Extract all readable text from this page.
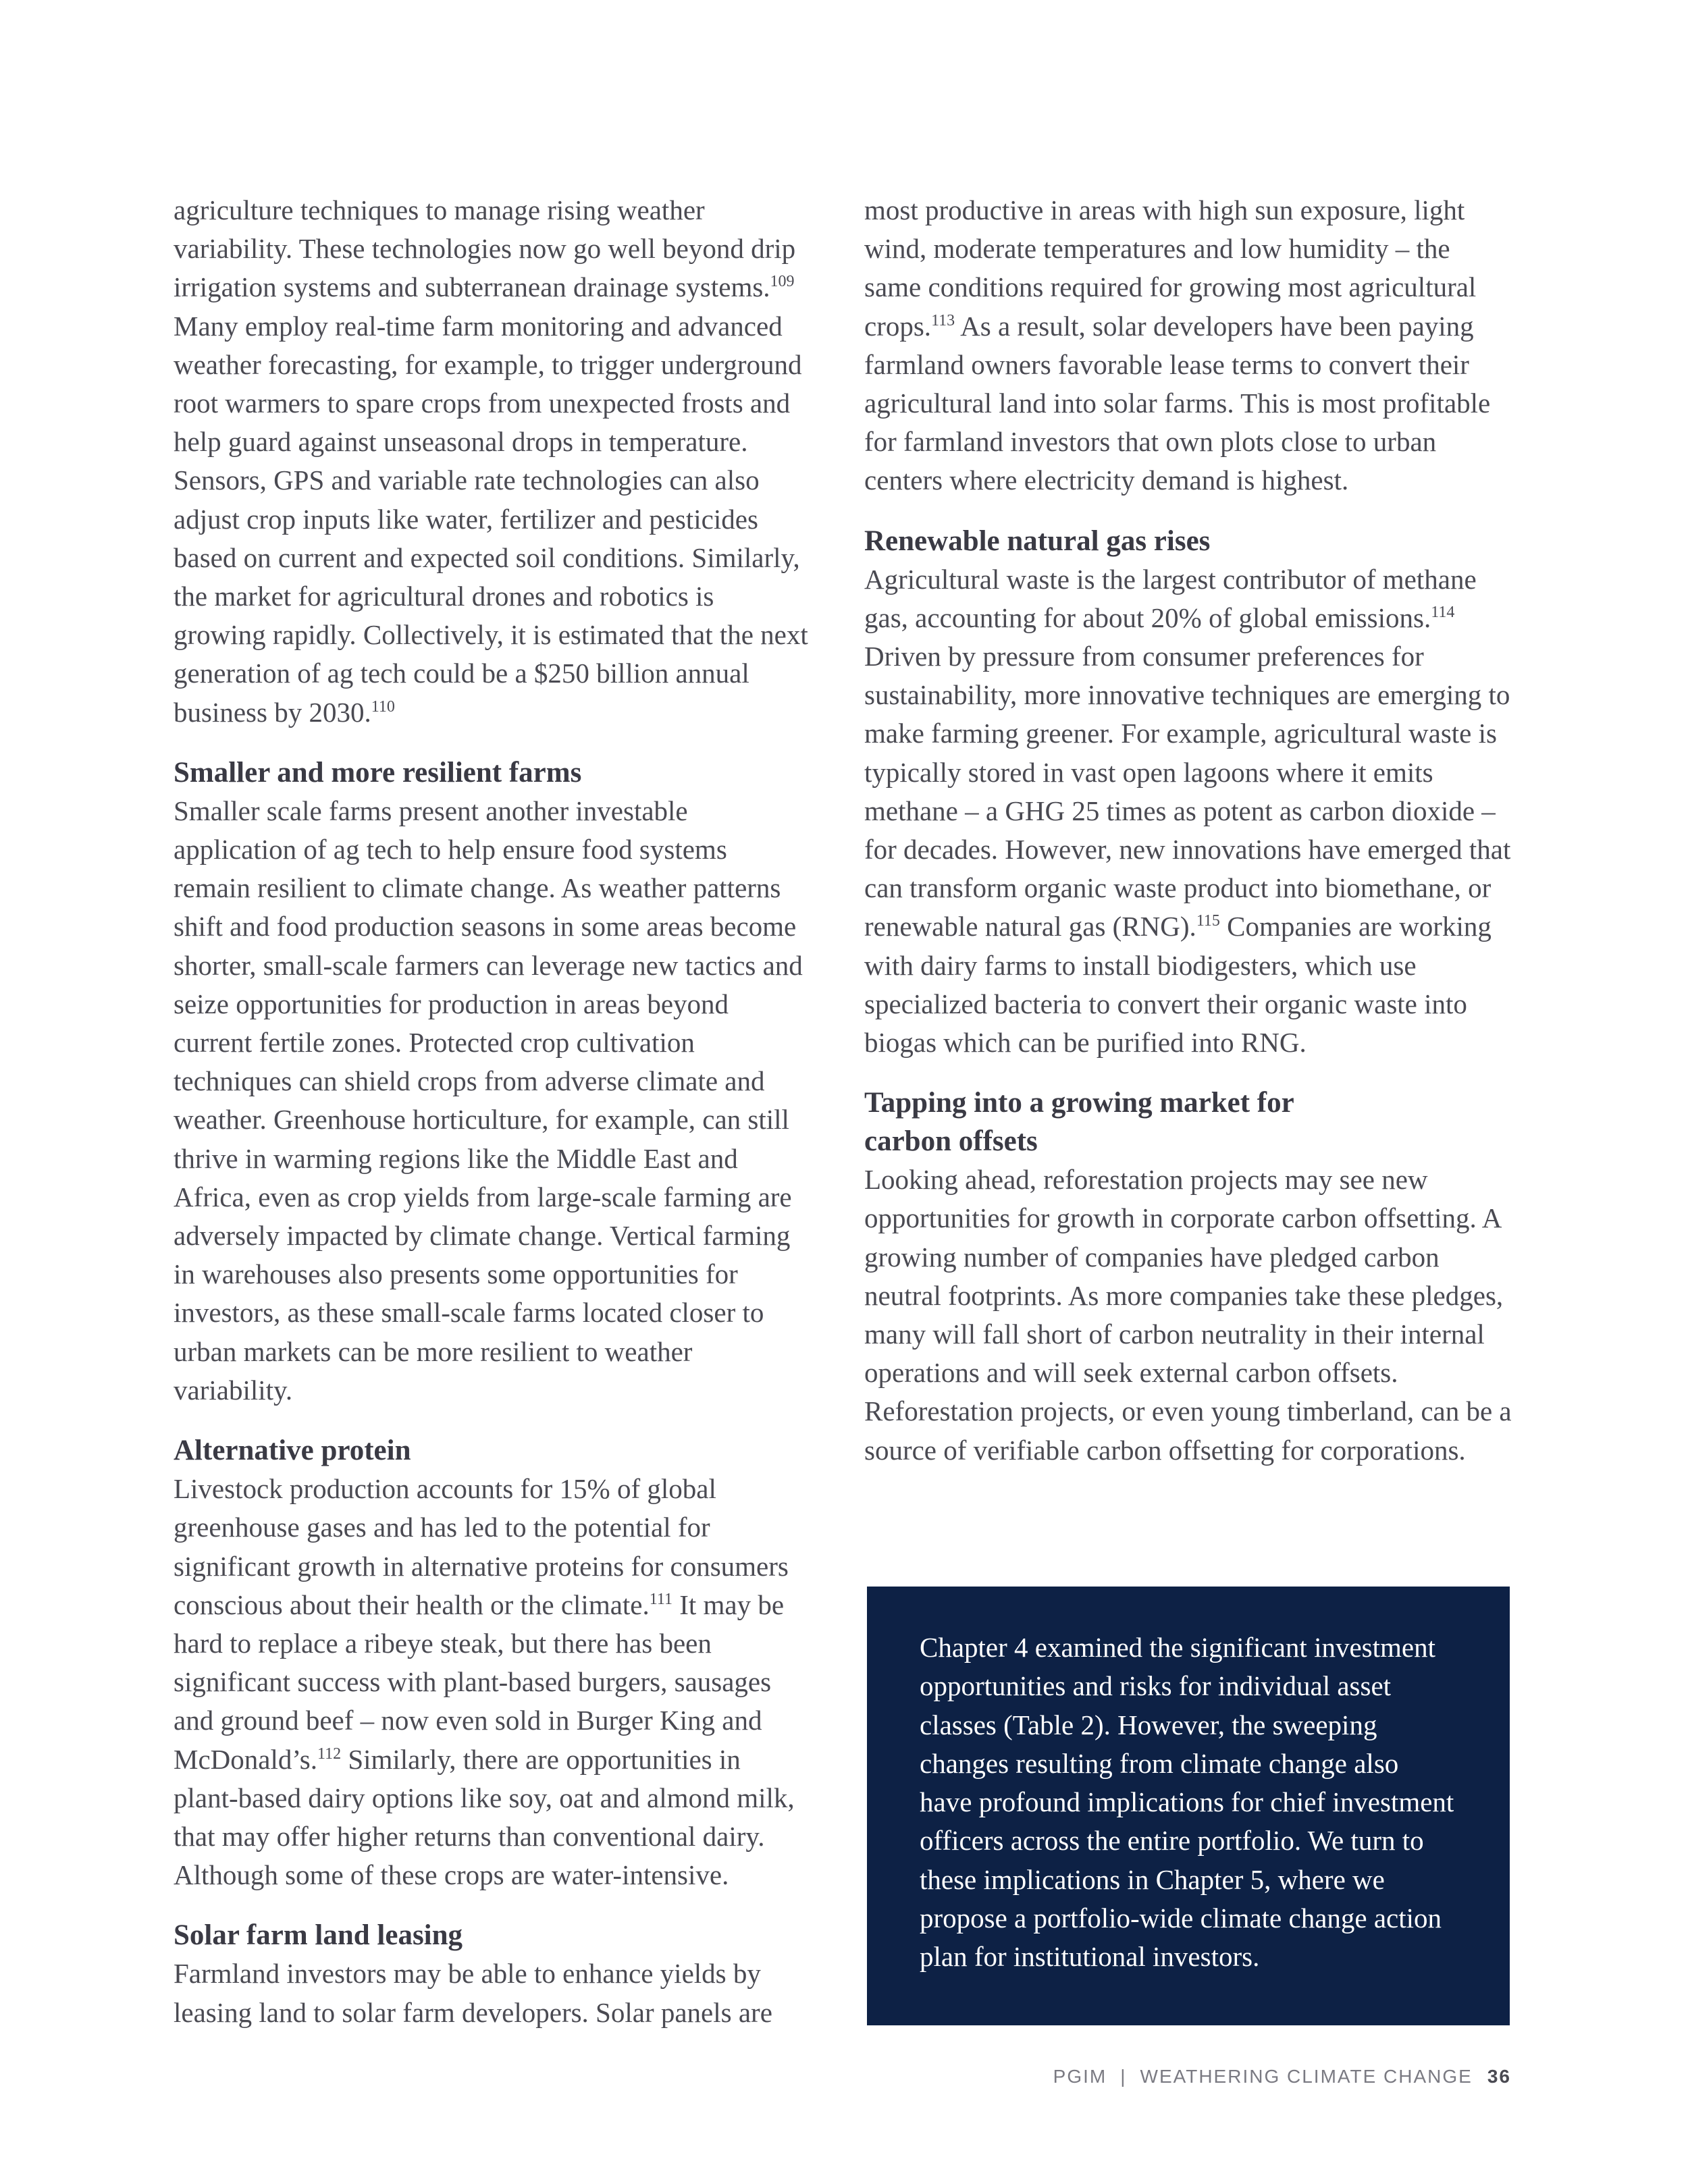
agriculture techniques to manage rising weather variability. These technologies now go well beyond drip irrigation systems and subterranean drainage systems.$^{109}$ Many employ real-time farm monitoring and advanced weather forecasting, for example, to trigger underground root warmers to spare crops from unexpected frosts and help guard against unseasonal drops in temperature. Sensors, GPS and variable rate technologies can also adjust crop inputs like water, fertilizer and pesticides based on current and expected soil conditions. Similarly, the market for agricultural drones and robotics is growing rapidly. Collectively, it is estimated that the next generation of ag tech could be a $250 billion annual business by 2030.$^{110}$

Smaller and more resilient farms

Smaller scale farms present another investable application of ag tech to help ensure food systems remain resilient to climate change. As weather patterns shift and food production seasons in some areas become shorter, small-scale farmers can leverage new tactics and seize opportunities for production in areas beyond current fertile zones. Protected crop cultivation techniques can shield crops from adverse climate and weather. Greenhouse horticulture, for example, can still thrive in warming regions like the Middle East and Africa, even as crop yields from large-scale farming are adversely impacted by climate change. Vertical farming in warehouses also presents some opportunities for investors, as these small-scale farms located closer to urban markets can be more resilient to weather variability.

Alternative protein

Livestock production accounts for 15% of global greenhouse gases and has led to the potential for significant growth in alternative proteins for consumers conscious about their health or the climate.$^{111}$ It may be hard to replace a ribeye steak, but there has been significant success with plant-based burgers, sausages and ground beef – now even sold in Burger King and McDonald’s.$^{112}$ Similarly, there are opportunities in plant-based dairy options like soy, oat and almond milk, that may offer higher returns than conventional dairy. Although some of these crops are water-intensive.

Solar farm land leasing

Farmland investors may be able to enhance yields by leasing land to solar farm developers. Solar panels are

most productive in areas with high sun exposure, light wind, moderate temperatures and low humidity – the same conditions required for growing most agricultural crops.$^{113}$ As a result, solar developers have been paying farmland owners favorable lease terms to convert their agricultural land into solar farms. This is most profitable for farmland investors that own plots close to urban centers where electricity demand is highest.

Renewable natural gas rises

Agricultural waste is the largest contributor of methane gas, accounting for about 20% of global emissions.$^{114}$ Driven by pressure from consumer preferences for sustainability, more innovative techniques are emerging to make farming greener. For example, agricultural waste is typically stored in vast open lagoons where it emits methane – a GHG 25 times as potent as carbon dioxide – for decades. However, new innovations have emerged that can transform organic waste product into biomethane, or renewable natural gas (RNG).$^{115}$ Companies are working with dairy farms to install biodigesters, which use specialized bacteria to convert their organic waste into biogas which can be purified into RNG.

Tapping into a growing market for carbon offsets

Looking ahead, reforestation projects may see new opportunities for growth in corporate carbon offsetting. A growing number of companies have pledged carbon neutral footprints. As more companies take these pledges, many will fall short of carbon neutrality in their internal operations and will seek external carbon offsets. Reforestation projects, or even young timberland, can be a source of verifiable carbon offsetting for corporations.

Chapter 4 examined the significant investment opportunities and risks for individual asset classes (Table 2). However, the sweeping changes resulting from climate change also have profound implications for chief investment officers across the entire portfolio. We turn to these implications in Chapter 5, where we propose a portfolio-wide climate change action plan for institutional investors.

PGIM | WEATHERING CLIMATE CHANGE 36
